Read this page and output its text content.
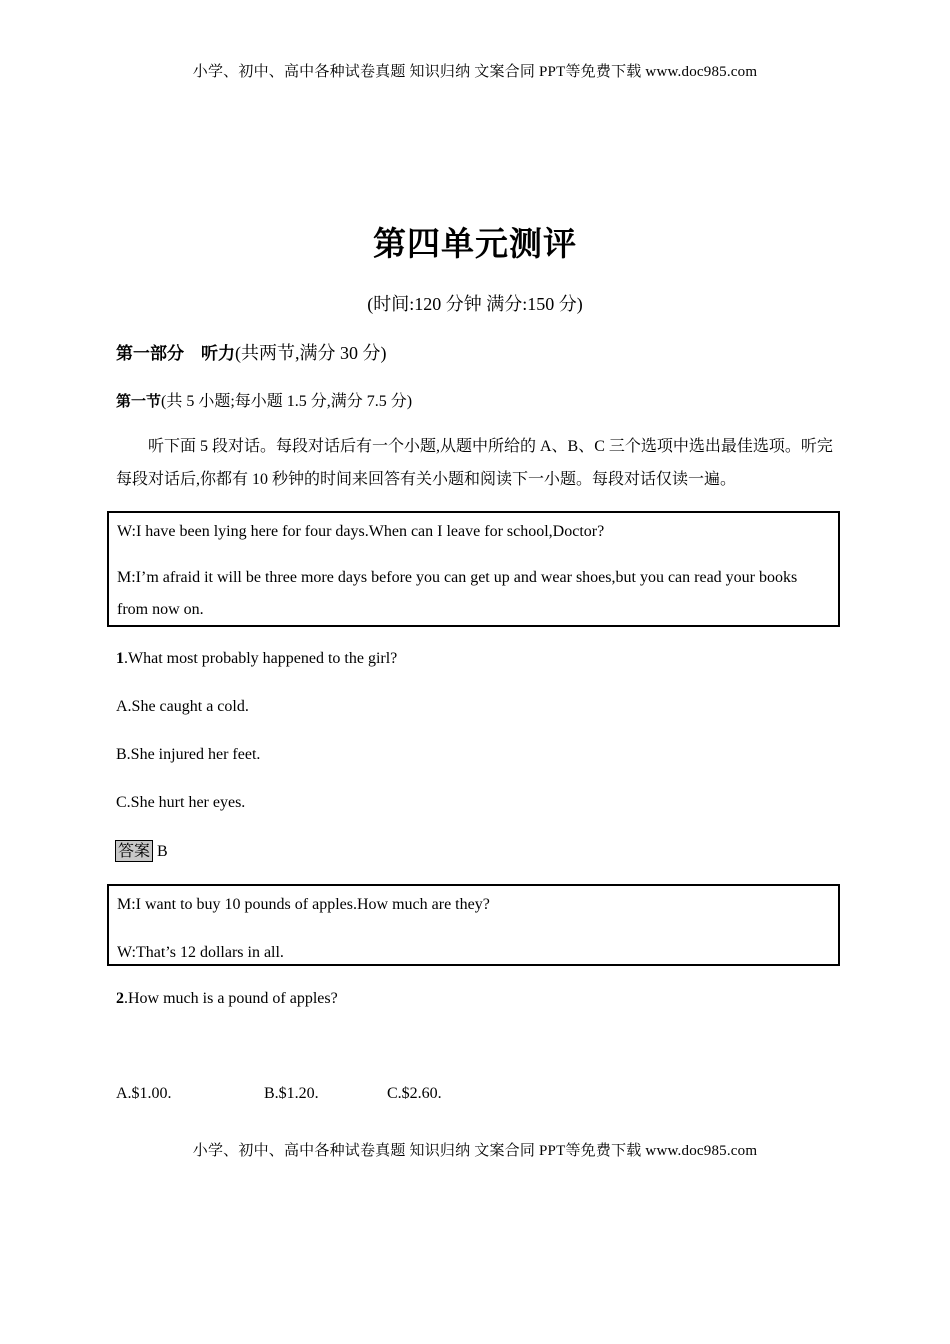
小学、初中、高中各种试卷真题 知识归纳 文案合同 PPT等免费下载 www.doc985.com
第四单元测评
(时间:120 分钟 满分:150 分)
第一部分　听力(共两节,满分 30 分)
第一节(共 5 小题;每小题 1.5 分,满分 7.5 分)
听下面 5 段对话。每段对话后有一个小题,从题中所给的 A、B、C 三个选项中选出最佳选项。听完每段对话后,你都有 10 秒钟的时间来回答有关小题和阅读下一小题。每段对话仅读一遍。
W:I have been lying here for four days.When can I leave for school,Doctor?
M:I’m afraid it will be three more days before you can get up and wear shoes,but you can read your books from now on.
1.What most probably happened to the girl?
A.She caught a cold.
B.She injured her feet.
C.She hurt her eyes.
答案 B
M:I want to buy 10 pounds of apples.How much are they?
W:That’s 12 dollars in all.
2.How much is a pound of apples?
A.$1.00.	B.$1.20.	C.$2.60.
小学、初中、高中各种试卷真题 知识归纳 文案合同 PPT等免费下载 www.doc985.com
